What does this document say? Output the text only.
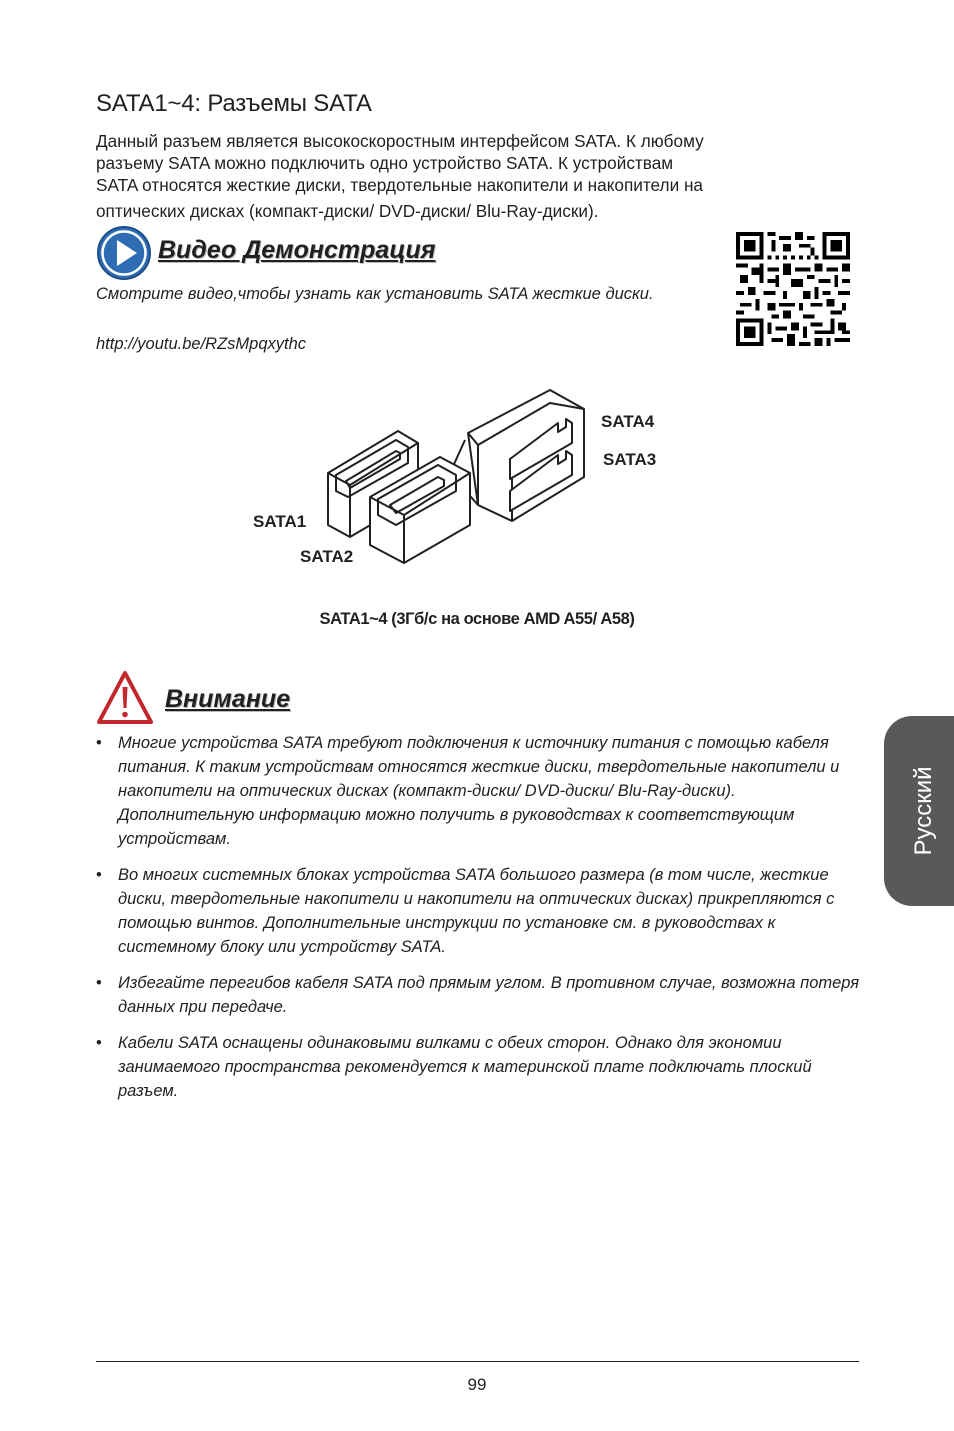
SATA1~4: Разъемы SATA

Данный разъем является высокоскоростным интерфейсом SATA. К любому
разъему SATA можно подключить одно устройство SATA. К устройствам
SATA относятся жесткие диски, твердотельные накопители и накопители на
оптических дисках (компакт-диски/ DVD-диски/ Blu-Ray-диски).

Видео Демонстрация

Смотрите видео,чтобы узнать как установить SATA жесткие диски.

http://youtu.be/RZsMpqxythc

SATA4
SATA3
SATA1
SATA2

SATA1~4 (3Гб/с на основе AMD A55/ A58)

Внимание
• Многие устройства SATA требуют подключения к источнику питания с помощью кабеля питания. К таким устройствам относятся жесткие диски, твердотельные накопители и накопители на оптических дисках (компакт-диски/ DVD-диски/ Blu-Ray-диски). Дополнительную информацию можно получить в руководствах к соответствующим устройствам.
• Во многих системных блоках устройства SATA большого размера (в том числе, жесткие диски, твердотельные накопители и накопители на оптических дисках) прикрепляются с помощью винтов. Дополнительные инструкции по установке см. в руководствах к системному блоку или устройству SATA.
• Избегайте перегибов кабеля SATA под прямым углом. В противном случае, возможна потеря данных при передаче.
• Кабели SATA оснащены одинаковыми вилками с обеих сторон. Однако для экономии занимаемого пространства рекомендуется к материнской плате подключать плоский разъем.
Русский

99
